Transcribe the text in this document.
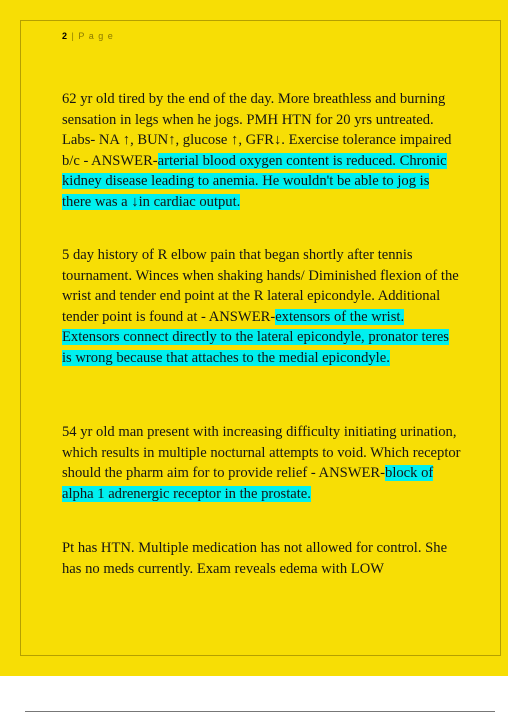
2 | P a g e
62 yr old tired by the end of the day. More breathless and burning sensation in legs when he jogs. PMH HTN for 20 yrs untreated. Labs- NA ↑, BUN↑, glucose ↑, GFR↓. Exercise tolerance impaired b/c - ANSWER-arterial blood oxygen content is reduced. Chronic kidney disease leading to anemia. He wouldn't be able to jog is there was a ↓in cardiac output.
5 day history of R elbow pain that began shortly after tennis tournament. Winces when shaking hands/ Diminished flexion of the wrist and tender end point at the R lateral epicondyle. Additional tender point is found at - ANSWER-extensors of the wrist. Extensors connect directly to the lateral epicondyle, pronator teres is wrong because that attaches to the medial epicondyle.
54 yr old man present with increasing difficulty initiating urination, which results in multiple nocturnal attempts to void. Which receptor should the pharm aim for to provide relief - ANSWER-block of alpha 1 adrenergic receptor in the prostate.
Pt has HTN. Multiple medication has not allowed for control. She has no meds currently. Exam reveals edema with LOW
